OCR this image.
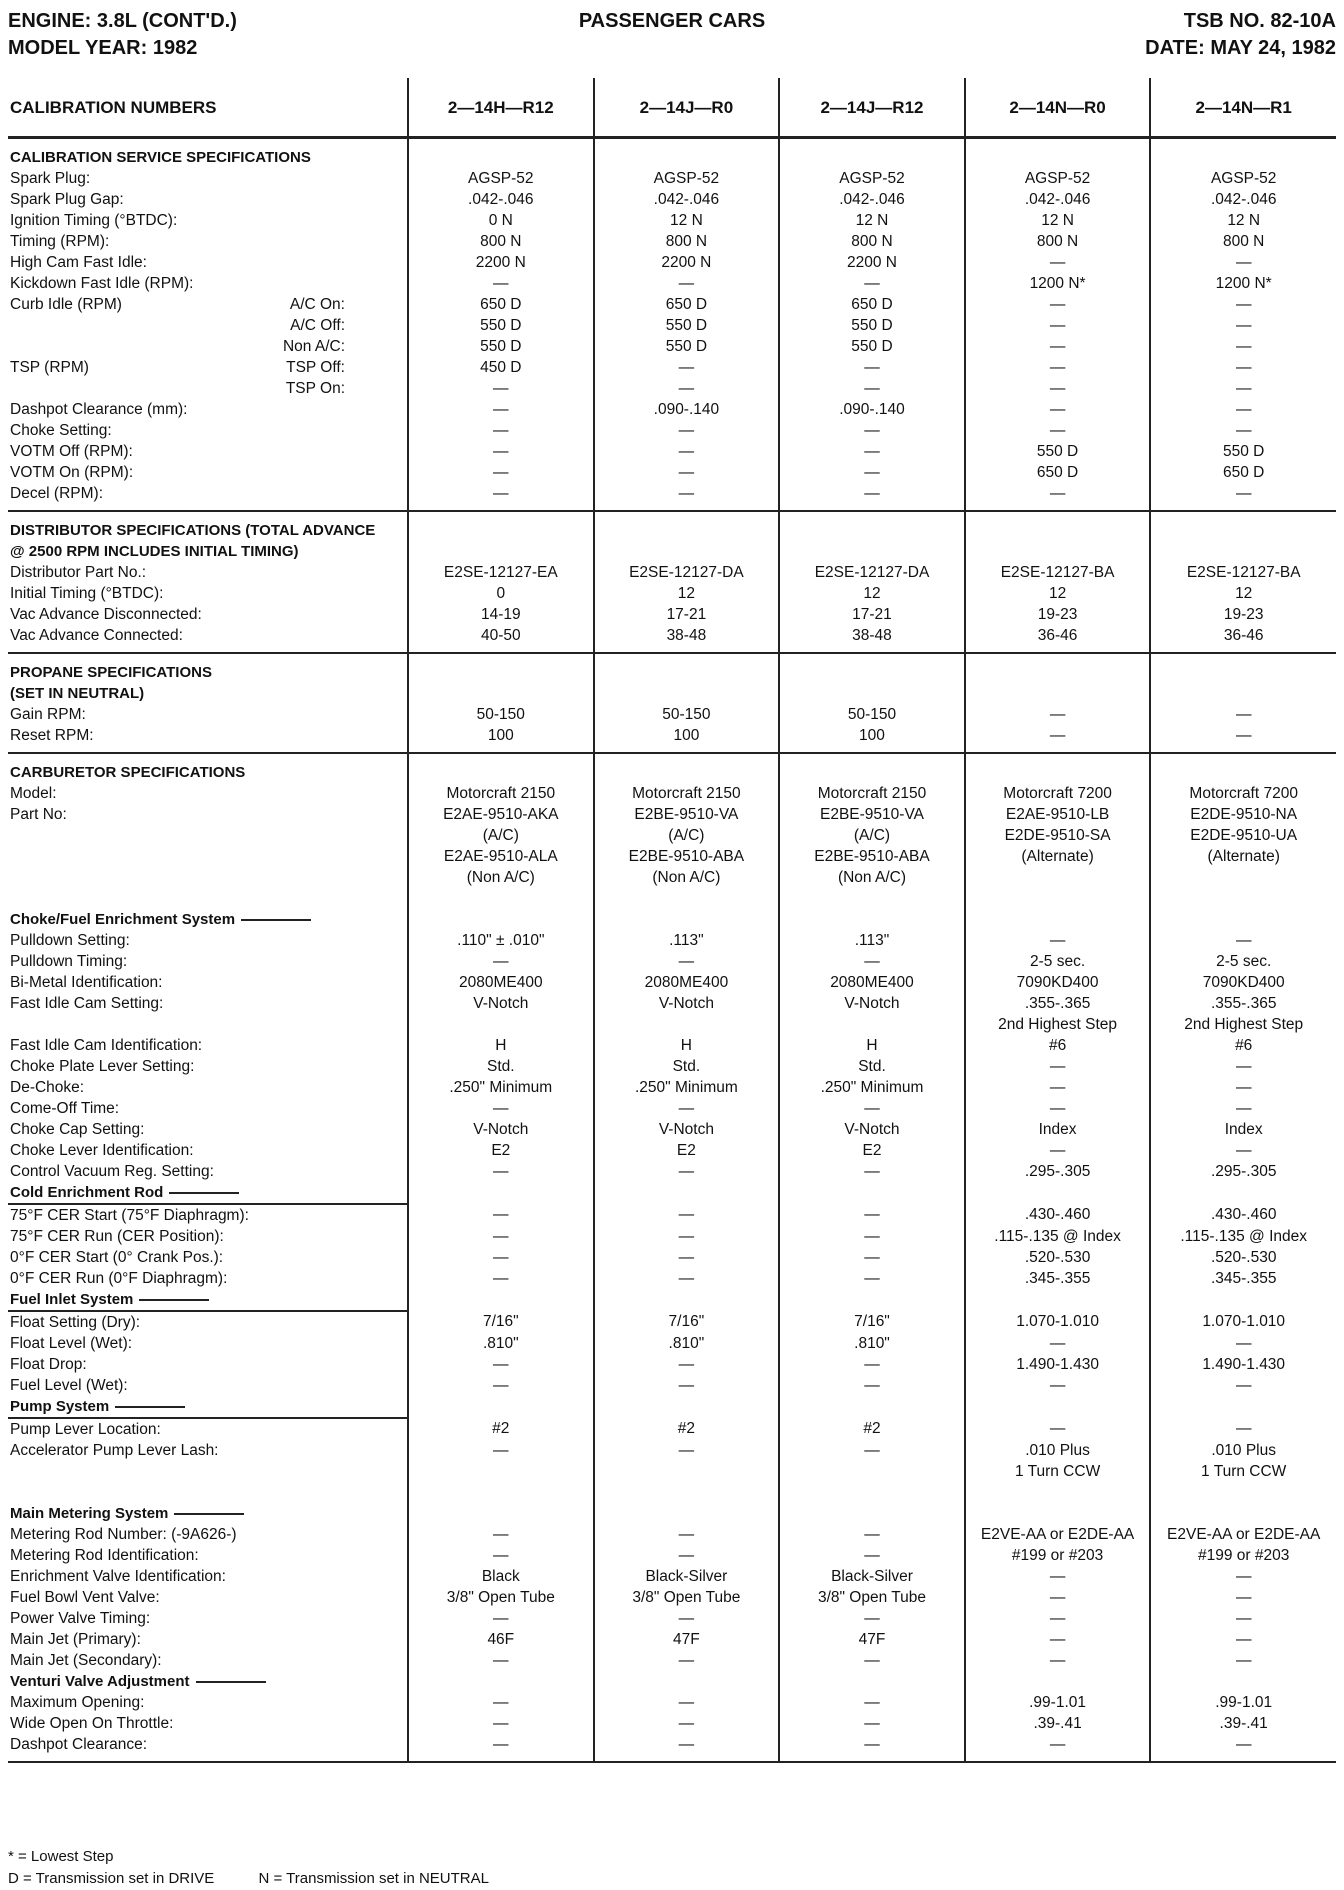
ENGINE: 3.8L (CONT'D.)
MODEL YEAR: 1982
PASSENGER CARS	TSB NO. 82-10A
DATE: MAY 24, 1982
CALIBRATION NUMBERS	2—14H—R12	2—14J—R0	2—14J—R12	2—14N—R0	2—14N—R1

CALIBRATION SERVICE SPECIFICATIONS					

Spark Plug:	AGSP-52	AGSP-52	AGSP-52	AGSP-52	AGSP-52

Spark Plug Gap:	.042-.046	.042-.046	.042-.046	.042-.046	.042-.046

Ignition Timing (°BTDC):	0 N	12 N	12 N	12 N	12 N

Timing (RPM):	800 N	800 N	800 N	800 N	800 N

High Cam Fast Idle:	2200 N	2200 N	2200 N	—	—

Kickdown Fast Idle (RPM):	—	—	—	1200 N*	1200 N*

Curb Idle (RPM) A/C On:	650 D	650 D	650 D	—	—

A/C Off:	550 D	550 D	550 D	—	—

Non A/C:	550 D	550 D	550 D	—	—

TSP (RPM) TSP Off:	450 D	—	—	—	—

TSP On:	—	—	—	—	—

Dashpot Clearance (mm):	—	.090-.140	.090-.140	—	—

Choke Setting:	—	—	—	—	—

VOTM Off (RPM):	—	—	—	550 D	550 D

VOTM On (RPM):	—	—	—	650 D	650 D

Decel (RPM):	—	—	—	—	—

DISTRIBUTOR SPECIFICATIONS (TOTAL ADVANCE					

@ 2500 RPM INCLUDES INITIAL TIMING)					

Distributor Part No.:	E2SE-12127-EA	E2SE-12127-DA	E2SE-12127-DA	E2SE-12127-BA	E2SE-12127-BA

Initial Timing (°BTDC):	0	12	12	12	12

Vac Advance Disconnected:	14-19	17-21	17-21	19-23	19-23

Vac Advance Connected:	40-50	38-48	38-48	36-46	36-46

PROPANE SPECIFICATIONS					

(SET IN NEUTRAL)					

Gain RPM:	50-150	50-150	50-150	—	—

Reset RPM:	100	100	100	—	—

CARBURETOR SPECIFICATIONS					

Model:	Motorcraft 2150	Motorcraft 2150	Motorcraft 2150	Motorcraft 7200	Motorcraft 7200

Part No:	E2AE-9510-AKA	E2BE-9510-VA	E2BE-9510-VA	E2AE-9510-LB	E2DE-9510-NA

	(A/C)	(A/C)	(A/C)	E2DE-9510-SA	E2DE-9510-UA

	E2AE-9510-ALA	E2BE-9510-ABA	E2BE-9510-ABA	(Alternate)	(Alternate)

	(Non A/C)	(Non A/C)	(Non A/C)		

Choke/Fuel Enrichment System					

Pulldown Setting:	.110" ± .010"	.113"	.113"	—	—

Pulldown Timing:	—	—	—	2-5 sec.	2-5 sec.

Bi-Metal Identification:	2080ME400	2080ME400	2080ME400	7090KD400	7090KD400

Fast Idle Cam Setting:	V-Notch	V-Notch	V-Notch	.355-.365	.355-.365

				2nd Highest Step	2nd Highest Step

Fast Idle Cam Identification:	H	H	H	#6	#6

Choke Plate Lever Setting:	Std.	Std.	Std.	—	—

De-Choke:	.250" Minimum	.250" Minimum	.250" Minimum	—	—

Come-Off Time:	—	—	—	—	—

Choke Cap Setting:	V-Notch	V-Notch	V-Notch	Index	Index

Choke Lever Identification:	E2	E2	E2	—	—

Control Vacuum Reg. Setting:	—	—	—	.295-.305	.295-.305

Cold Enrichment Rod					

75°F CER Start (75°F Diaphragm):	—	—	—	.430-.460	.430-.460

75°F CER Run (CER Position):	—	—	—	.115-.135 @ Index	.115-.135 @ Index

0°F CER Start (0° Crank Pos.):	—	—	—	.520-.530	.520-.530

0°F CER Run (0°F Diaphragm):	—	—	—	.345-.355	.345-.355

Fuel Inlet System					

Float Setting (Dry):	7/16"	7/16"	7/16"	1.070-1.010	1.070-1.010

Float Level (Wet):	.810"	.810"	.810"	—	—

Float Drop:	—	—	—	1.490-1.430	1.490-1.430

Fuel Level (Wet):	—	—	—	—	—

Pump System					

Pump Lever Location:	#2	#2	#2	—	—

Accelerator Pump Lever Lash:	—	—	—	.010 Plus	.010 Plus

				1 Turn CCW	1 Turn CCW

Main Metering System					

Metering Rod Number: (-9A626-)	—	—	—	E2VE-AA or E2DE-AA	E2VE-AA or E2DE-AA

Metering Rod Identification:	—	—	—	#199 or #203	#199 or #203

Enrichment Valve Identification:	Black	Black-Silver	Black-Silver	—	—

Fuel Bowl Vent Valve:	3/8" Open Tube	3/8" Open Tube	3/8" Open Tube	—	—

Power Valve Timing:	—	—	—	—	—

Main Jet (Primary):	46F	47F	47F	—	—

Main Jet (Secondary):	—	—	—	—	—

Venturi Valve Adjustment					

Maximum Opening:	—	—	—	.99-1.01	.99-1.01

Wide Open On Throttle:	—	—	—	.39-.41	.39-.41

Dashpot Clearance:	—	—	—	—	—
* = Lowest Step
D = Transmission set in DRIVE	N = Transmission set in NEUTRAL
